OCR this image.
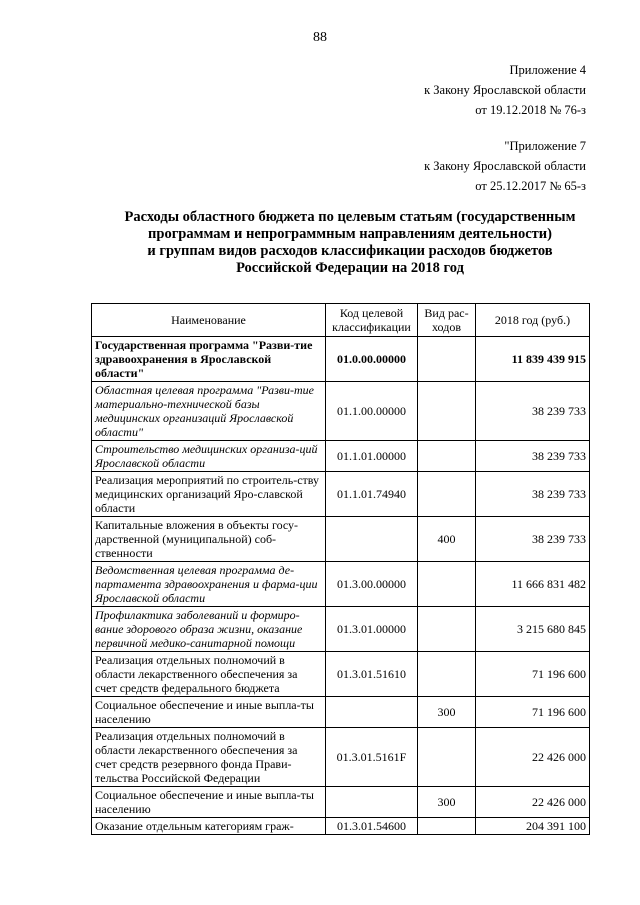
88
Приложение 4
к Закону Ярославской области
от 19.12.2018 № 76-з
"Приложение 7
к Закону Ярославской области
от 25.12.2017 № 65-з
Расходы областного бюджета по целевым статьям (государственным
программам и непрограммным направлениям деятельности)
и группам видов расходов классификации расходов бюджетов
Российской Федерации на 2018 год
Наименование	Код целевой классификации	Вид рас-ходов	2018 год (руб.)
Государственная программа "Разви-тие здравоохранения в Ярославской области"	01.0.00.00000		11 839 439 915
Областная целевая программа "Разви-тие материально-технической базы медицинских организаций Ярославской области"	01.1.00.00000		38 239 733
Строительство медицинских организа-ций Ярославской области	01.1.01.00000		38 239 733
Реализация мероприятий по строитель-ству медицинских организаций Яро-славской области	01.1.01.74940		38 239 733
Капитальные вложения в объекты госу-дарственной (муниципальной) соб-ственности		400	38 239 733
Ведомственная целевая программа де-партамента здравоохранения и фарма-ции Ярославской области	01.3.00.00000		11 666 831 482
Профилактика заболеваний и формиро-вание здорового образа жизни, оказание первичной медико-санитарной помощи	01.3.01.00000		3 215 680 845
Реализация отдельных полномочий в области лекарственного обеспечения за счет средств федерального бюджета	01.3.01.51610		71 196 600
Социальное обеспечение и иные выпла-ты населению		300	71 196 600
Реализация отдельных полномочий в области лекарственного обеспечения за счет средств резервного фонда Прави-тельства Российской Федерации	01.3.01.5161F		22 426 000
Социальное обеспечение и иные выпла-ты населению		300	22 426 000
Оказание отдельным категориям граж-	01.3.01.54600		204 391 100
